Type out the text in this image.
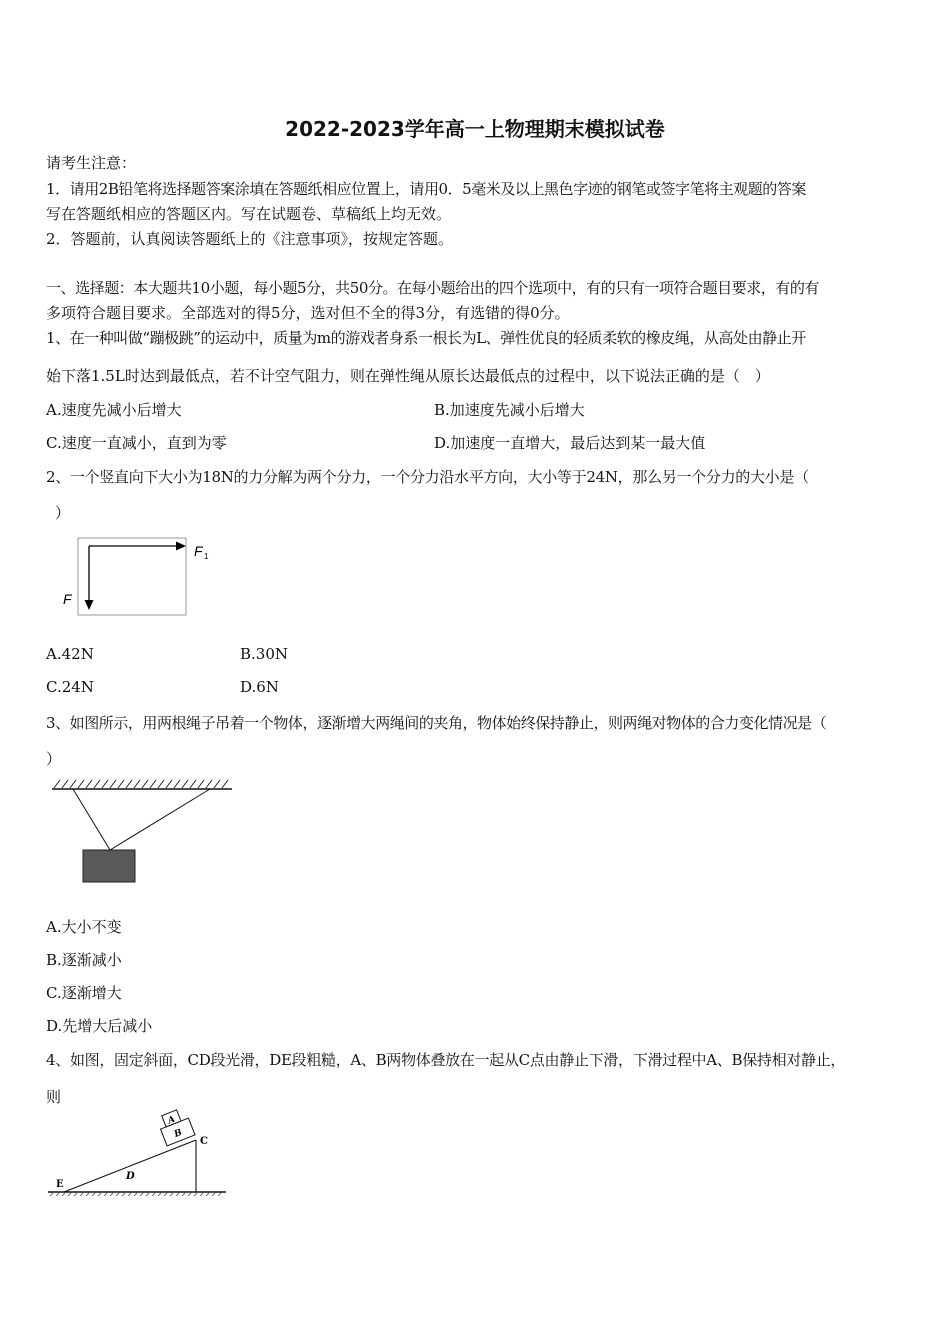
2022-2023学年高一上物理期末模拟试卷
请考生注意：
1．请用2B铅笔将选择题答案涂填在答题纸相应位置上，请用0．5毫米及以上黑色字迹的钢笔或签字笔将主观题的答案
写在答题纸相应的答题区内。写在试题卷、草稿纸上均无效。
2．答题前，认真阅读答题纸上的《注意事项》，按规定答题。
一、选择题：本大题共10小题，每小题5分，共50分。在每小题给出的四个选项中，有的只有一项符合题目要求，有的有
多项符合题目要求。全部选对的得5分，选对但不全的得3分，有选错的得0分。
1、在一种叫做“蹦极跳”的运动中，质量为m的游戏者身系一根长为L、弹性优良的轻质柔软的橡皮绳，从高处由静止开
始下落1.5L时达到最低点，若不计空气阻力，则在弹性绳从原长达最低点的过程中，以下说法正确的是（　）
A.速度先减小后增大	B.加速度先减小后增大
C.速度一直减小，直到为零	D.加速度一直增大，最后达到某一最大值
2、一个竖直向下大小为18N的力分解为两个分力，一个分力沿水平方向，大小等于24N，那么另一个分力的大小是（
）
F 1
F
A.42N	B.30N
C.24N	D.6N
3、如图所示，用两根绳子吊着一个物体，逐渐增大两绳间的夹角，物体始终保持静止，则两绳对物体的合力变化情况是（
）
A.大小不变
B.逐渐减小
C.逐渐增大
D.先增大后减小
4、如图，固定斜面，CD段光滑，DE段粗糙，A、B两物体叠放在一起从C点由静止下滑，下滑过程中A、B保持相对静止，
则
A
B
C
D
E
